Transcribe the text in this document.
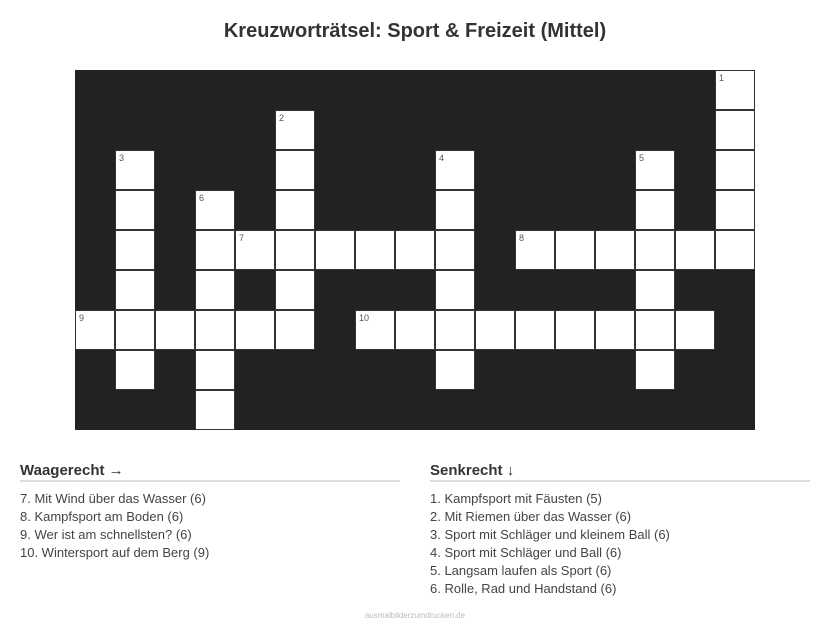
Kreuzworträtsel: Sport & Freizeit (Mittel)
1
2
3	4	5
6
7	8
9	10
Waagerecht →
7. Mit Wind über das Wasser (6)
8. Kampfsport am Boden (6)
9. Wer ist am schnellsten? (6)
10. Wintersport auf dem Berg (9)
Senkrecht ↓
1. Kampfsport mit Fäusten (5)
2. Mit Riemen über das Wasser (6)
3. Sport mit Schläger und kleinem Ball (6)
4. Sport mit Schläger und Ball (6)
5. Langsam laufen als Sport (6)
6. Rolle, Rad und Handstand (6)
ausmalbilderzumdrucken.de
